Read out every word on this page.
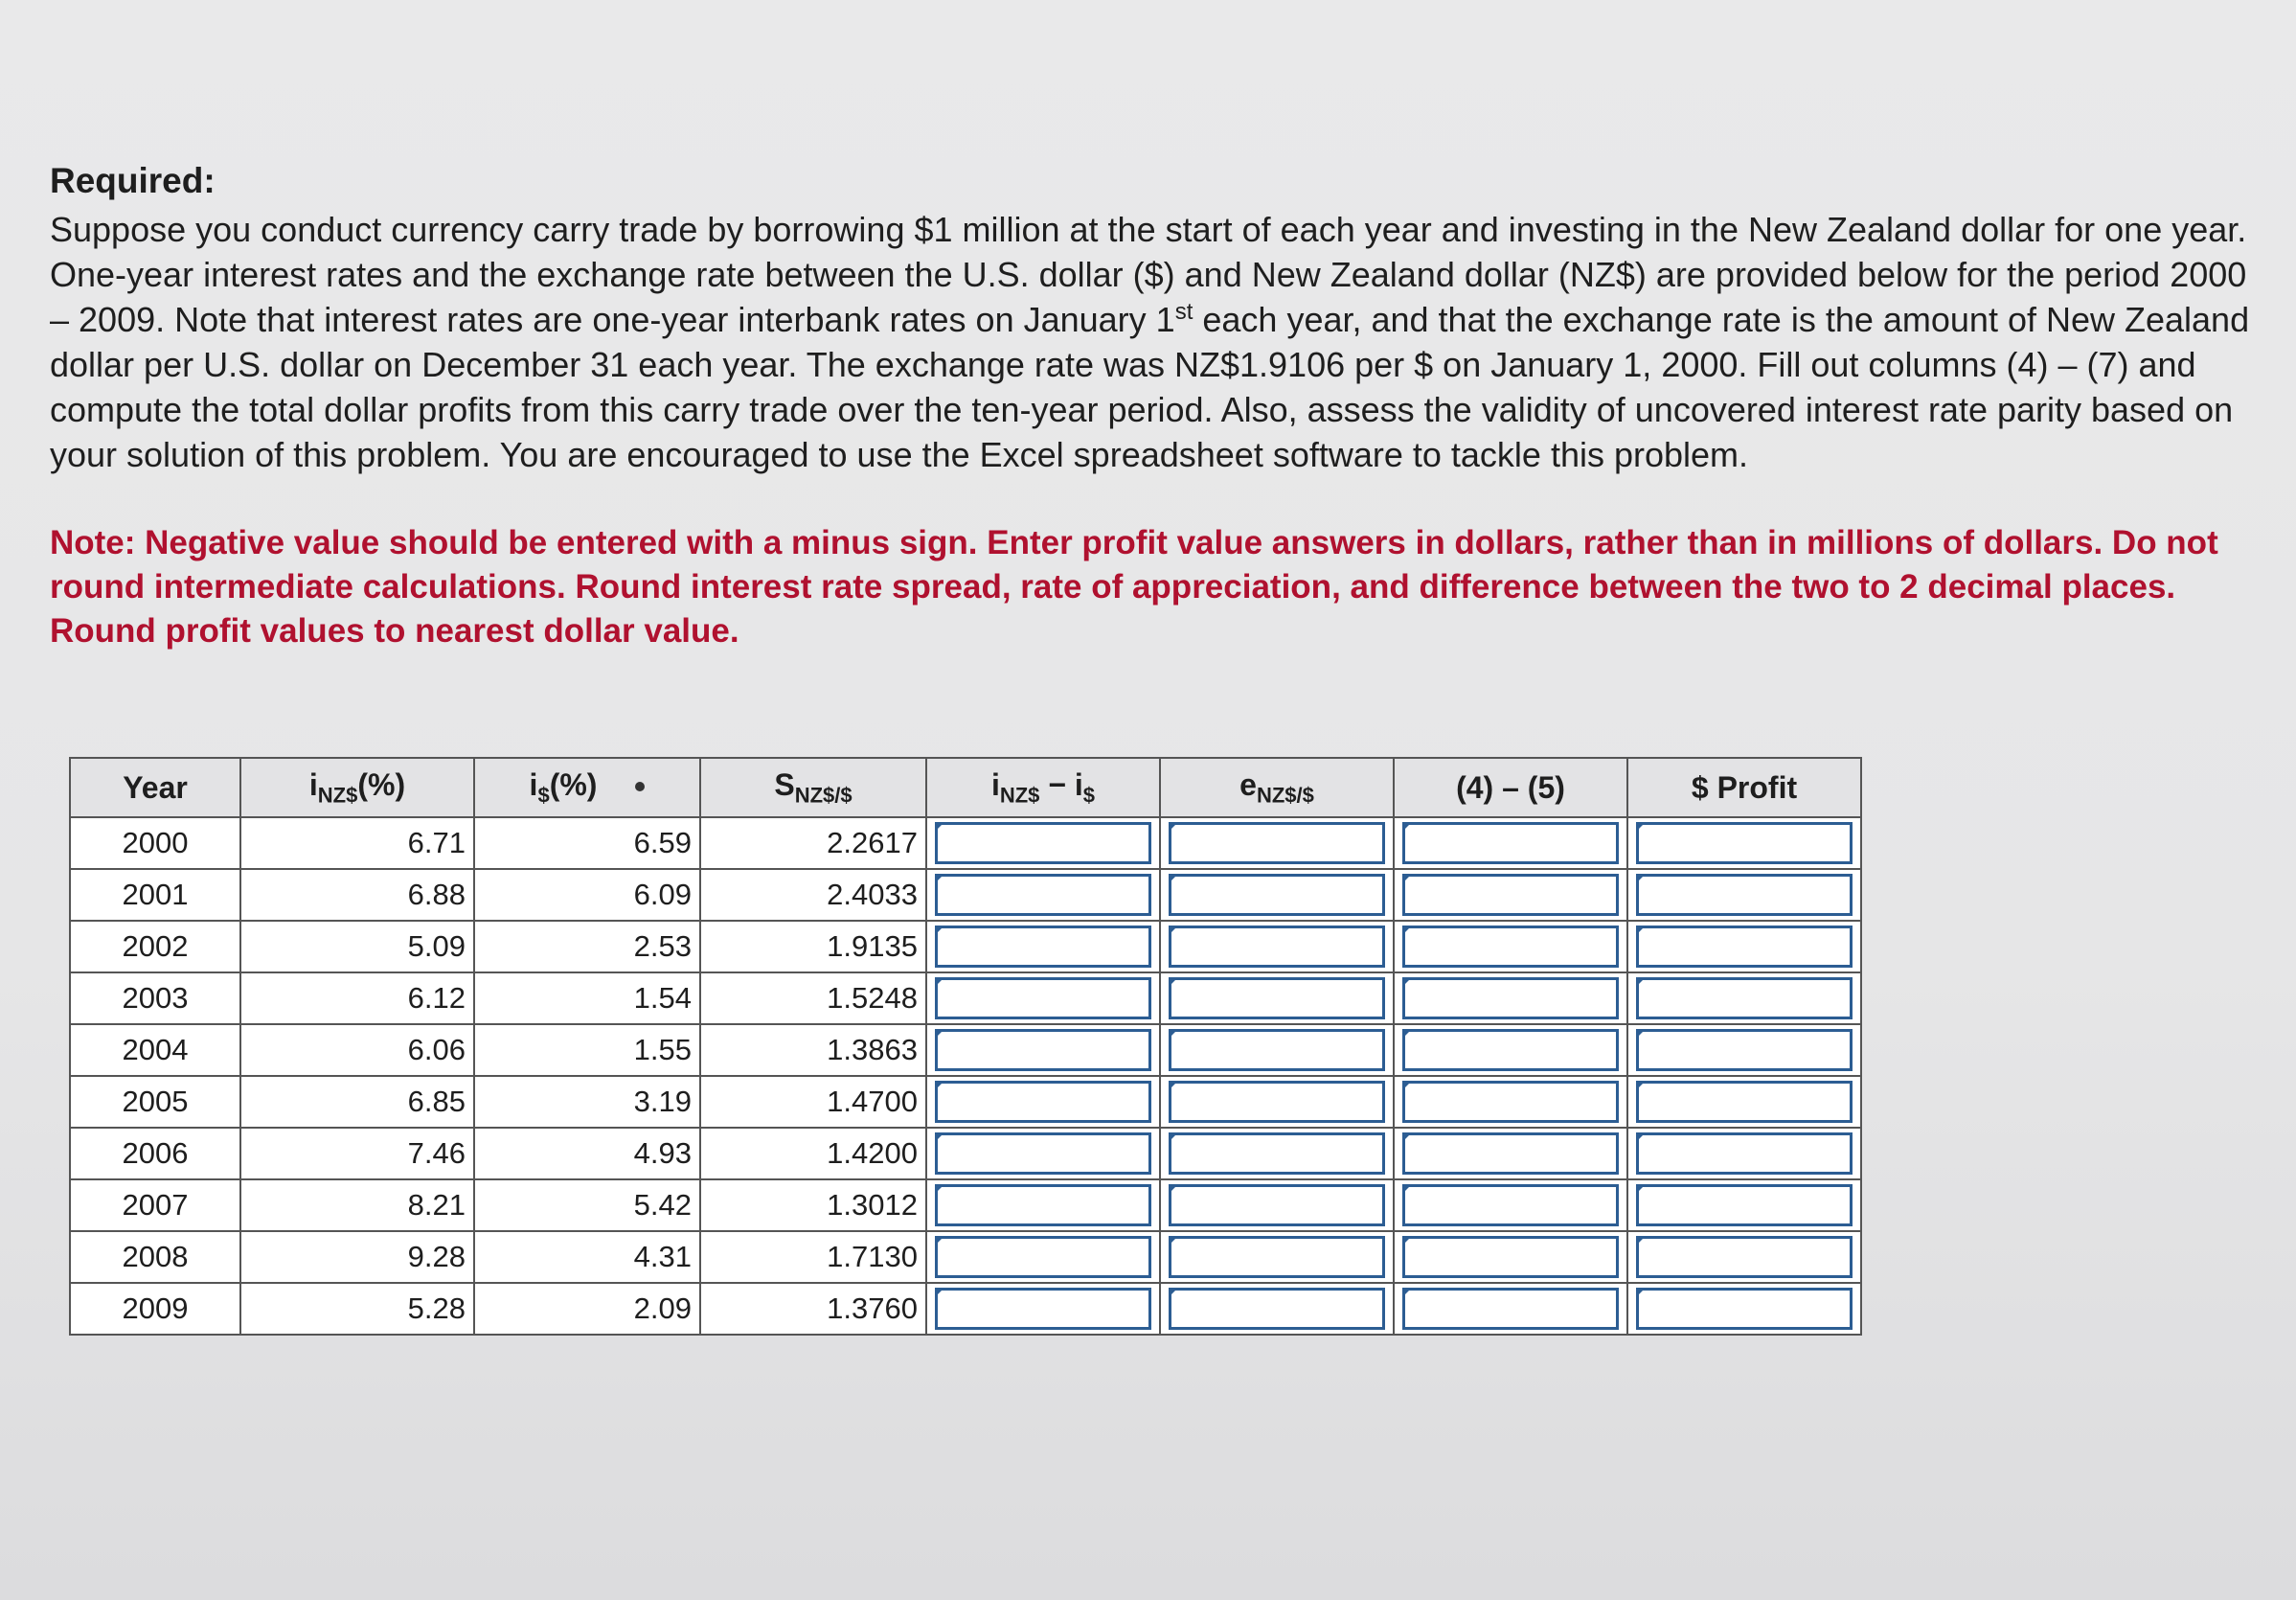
Required:

Suppose you conduct currency carry trade by borrowing $1 million at the start of each year and investing in the New Zealand dollar for one year. One-year interest rates and the exchange rate between the U.S. dollar ($) and New Zealand dollar (NZ$) are provided below for the period 2000 – 2009. Note that interest rates are one-year interbank rates on January 1st each year, and that the exchange rate is the amount of New Zealand dollar per U.S. dollar on December 31 each year. The exchange rate was NZ$1.9106 per $ on January 1, 2000. Fill out columns (4) – (7) and compute the total dollar profits from this carry trade over the ten-year period. Also, assess the validity of uncovered interest rate parity based on your solution of this problem. You are encouraged to use the Excel spreadsheet software to tackle this problem.

Note: Negative value should be entered with a minus sign. Enter profit value answers in dollars, rather than in millions of dollars. Do not round intermediate calculations. Round interest rate spread, rate of appreciation, and difference between the two to 2 decimal places. Round profit values to nearest dollar value.
Year	$i_{NZ\$}(\%)$	$i_{\$}(\%)$	$S_{NZ\$/\$}$	$i_{NZ\$} - i_{\$}$	$e_{NZ\$/\$}$	(4) – (5)	$ Profit
2000	6.71	6.59	2.2617	

2001	6.88	6.09	2.4033	

2002	5.09	2.53	1.9135	

2003	6.12	1.54	1.5248	

2004	6.06	1.55	1.3863	

2005	6.85	3.19	1.4700	

2006	7.46	4.93	1.4200	

2007	8.21	5.42	1.3012	

2008	9.28	4.31	1.7130	

2009	5.28	2.09	1.3760	
